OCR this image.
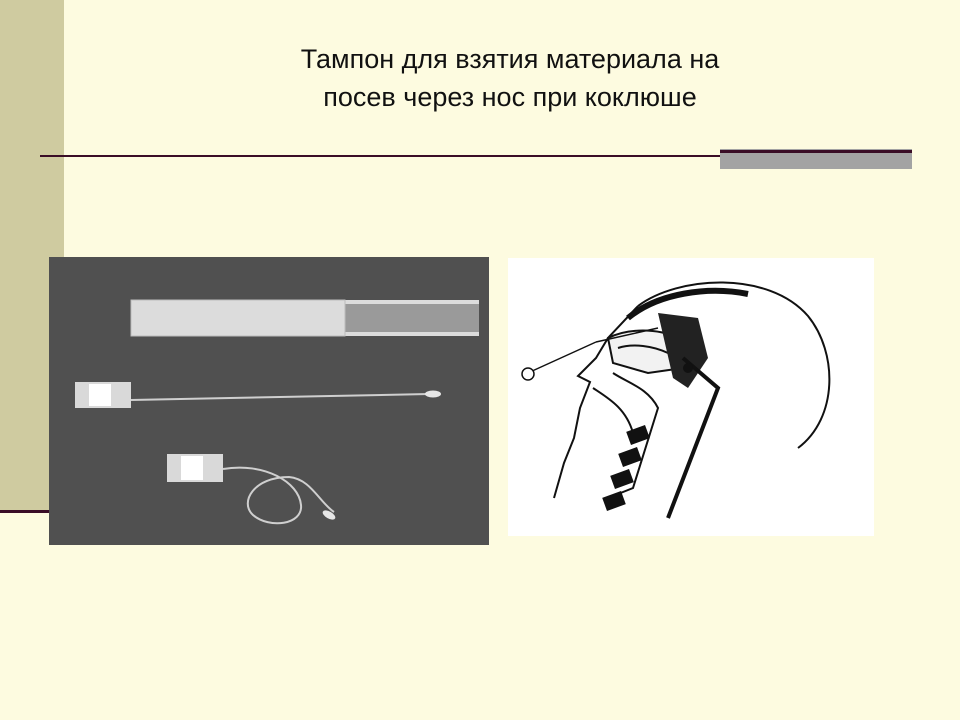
Тампон для взятия материала на
посев через нос при коклюше
